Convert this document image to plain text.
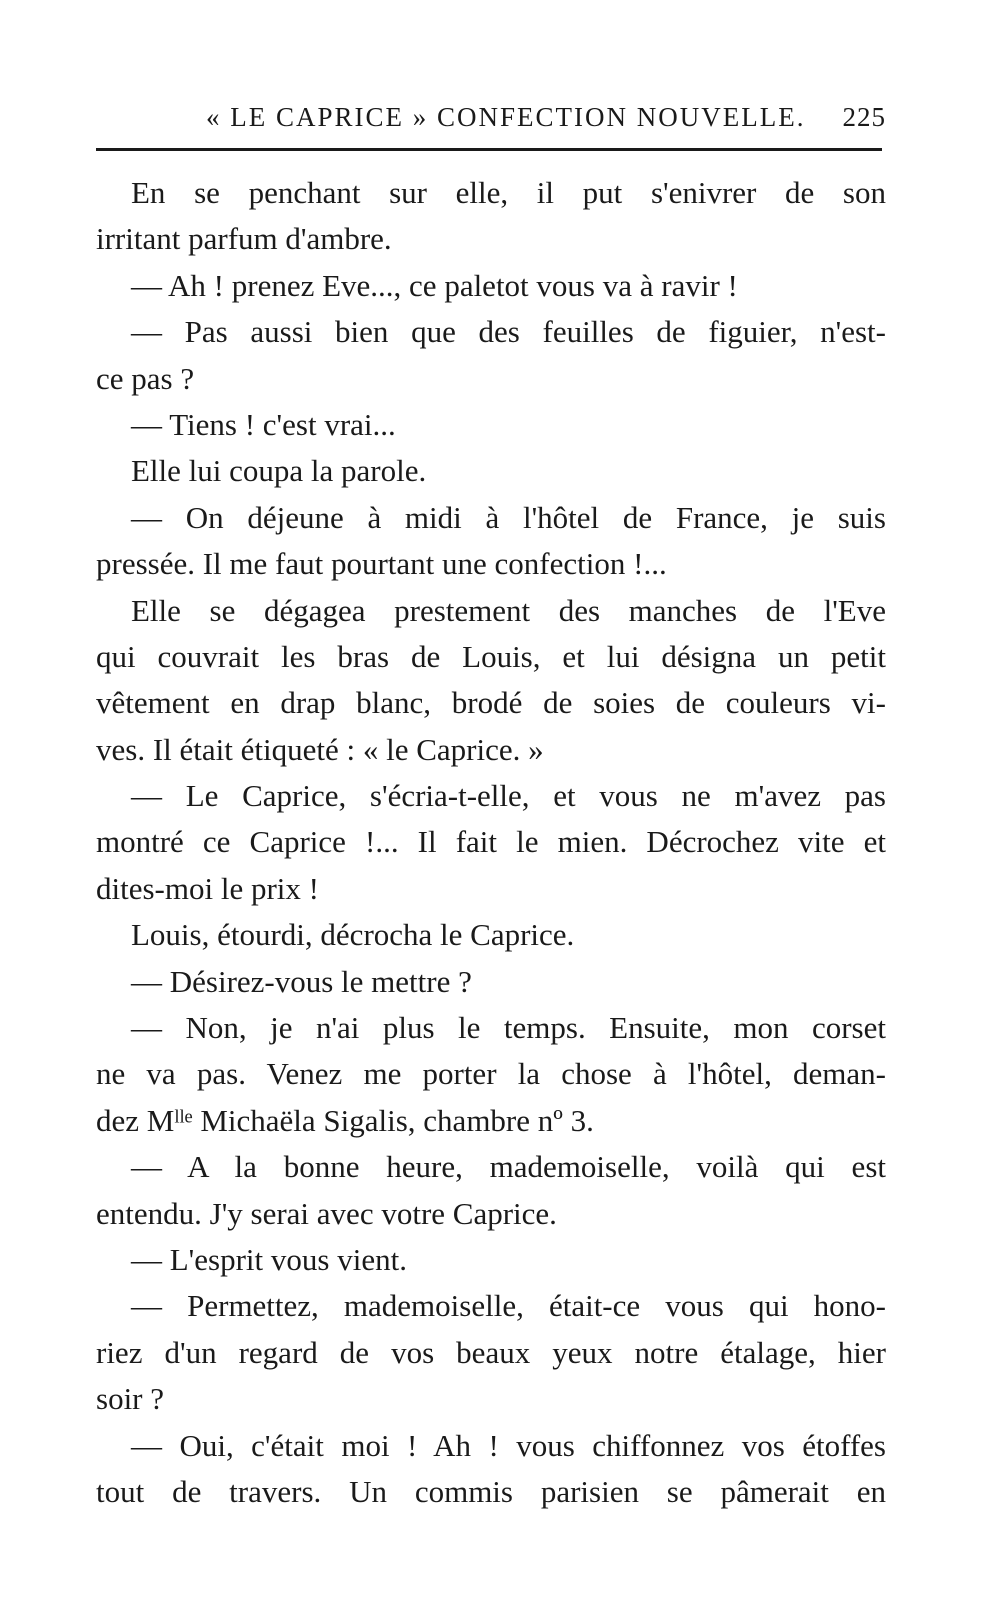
« LE CAPRICE » CONFECTION NOUVELLE. 225
En se penchant sur elle, il put s'enivrer de son
irritant parfum d'ambre.
— Ah ! prenez Eve..., ce paletot vous va à ravir !
— Pas aussi bien que des feuilles de figuier, n'est-
ce pas ?
— Tiens ! c'est vrai...
Elle lui coupa la parole.
— On déjeune à midi à l'hôtel de France, je suis
pressée. Il me faut pourtant une confection !...
Elle se dégagea prestement des manches de l'Eve
qui couvrait les bras de Louis, et lui désigna un petit
vêtement en drap blanc, brodé de soies de couleurs vi-
ves. Il était étiqueté : « le Caprice. »
— Le Caprice, s'écria-t-elle, et vous ne m'avez pas
montré ce Caprice !... Il fait le mien. Décrochez vite et
dites-moi le prix !
Louis, étourdi, décrocha le Caprice.
— Désirez-vous le mettre ?
— Non, je n'ai plus le temps. Ensuite, mon corset
ne va pas. Venez me porter la chose à l'hôtel, deman-
dez Mˡˡᵉ Michaëla Sigalis, chambre nº 3.
— A la bonne heure, mademoiselle, voilà qui est
entendu. J'y serai avec votre Caprice.
— L'esprit vous vient.
— Permettez, mademoiselle, était-ce vous qui hono-
riez d'un regard de vos beaux yeux notre étalage, hier
soir ?
— Oui, c'était moi ! Ah ! vous chiffonnez vos étoffes
tout de travers. Un commis parisien se pâmerait en
